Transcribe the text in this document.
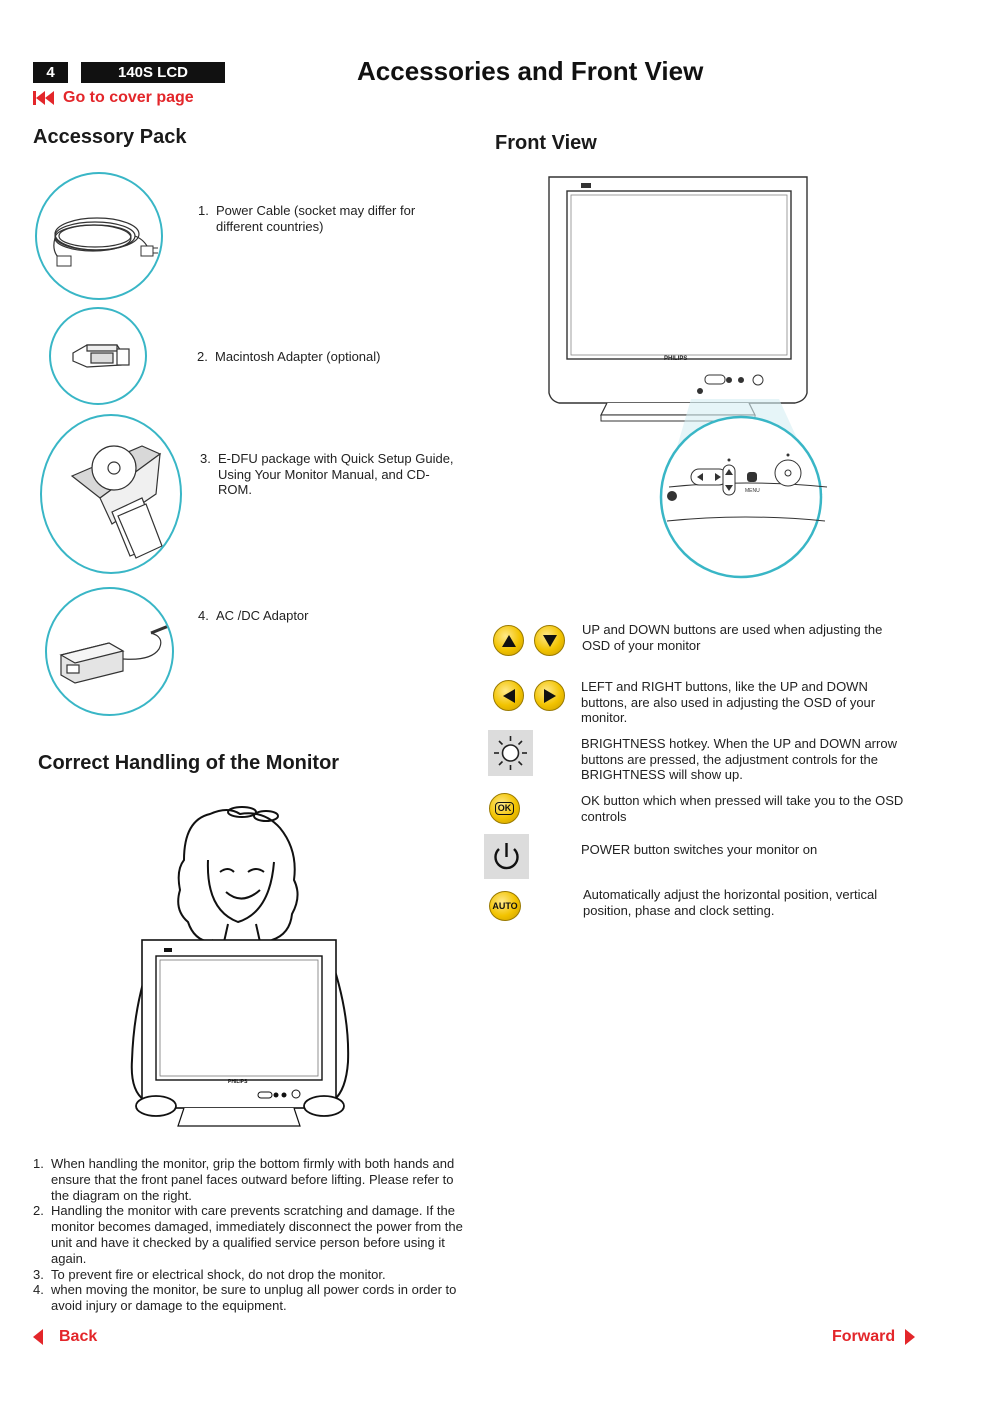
4	140S LCD	Accessories and Front View
Go to cover page
Accessory Pack
1. Power Cable (socket may differ for different countries)
2. Macintosh Adapter (optional)
3. E-DFU package with Quick Setup Guide, Using Your Monitor Manual, and CD-ROM.
4. AC /DC Adaptor
Front View
PHILIPS
MENU
UP and DOWN buttons are used when adjusting the OSD of your monitor
LEFT and RIGHT buttons, like the UP and DOWN buttons, are also used in adjusting the OSD of your monitor.
BRIGHTNESS hotkey. When the UP and DOWN arrow buttons are pressed, the adjustment controls for the BRIGHTNESS will show up.
OK	OK button which when pressed will take you to the OSD controls
POWER button switches your monitor on
AUTO
Automatically adjust the horizontal position, vertical position, phase and clock setting.
Correct Handling of the Monitor
PHILIPS
1. When handling the monitor, grip the bottom firmly with both hands and ensure that the front panel faces outward before lifting. Please refer to the diagram on the right.
2. Handling the monitor with care prevents scratching and damage. If the monitor becomes damaged, immediately disconnect the power from the unit and have it checked by a qualified service person before using it again.
3. To prevent fire or electrical shock, do not drop the monitor.
4. when moving the monitor, be sure to unplug all power cords in order to avoid injury or damage to the equipment.
Back	Forward
